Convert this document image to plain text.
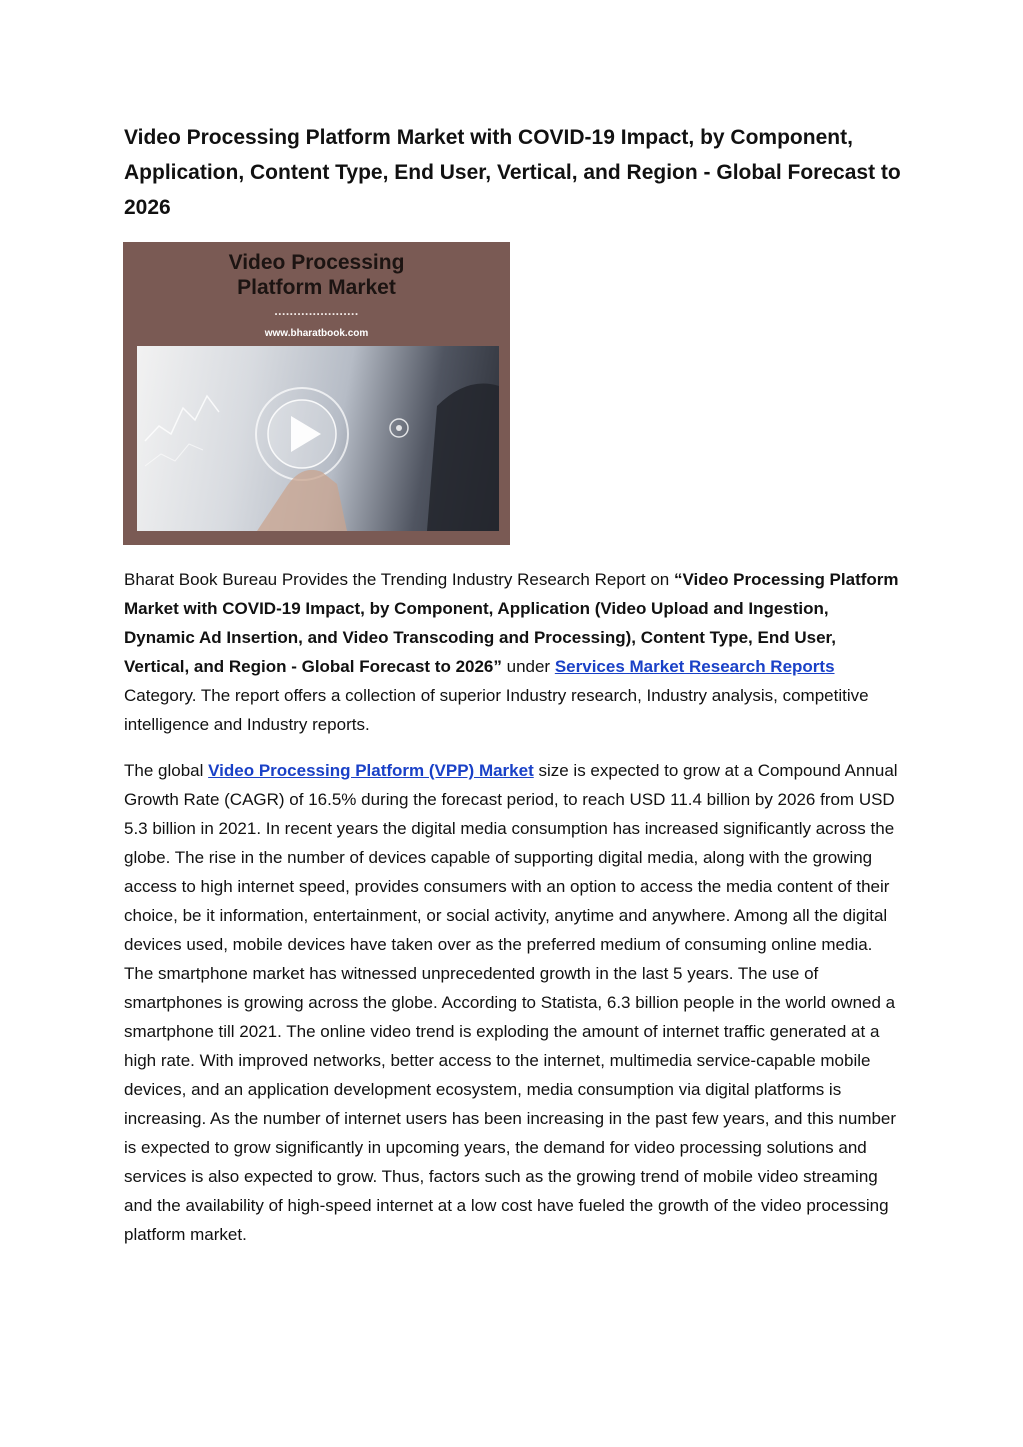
Video Processing Platform Market with COVID-19 Impact, by Component, Application, Content Type, End User, Vertical, and Region - Global Forecast to 2026
Video Processing
Platform Market
......................
www.bharatbook.com

Bharat Book Bureau Provides the Trending Industry Research Report on “Video Processing Platform Market with COVID-19 Impact, by Component, Application (Video Upload and Ingestion, Dynamic Ad Insertion, and Video Transcoding and Processing), Content Type, End User, Vertical, and Region - Global Forecast to 2026” under Services Market Research Reports Category. The report offers a collection of superior Industry research, Industry analysis, competitive intelligence and Industry reports.

The global Video Processing Platform (VPP) Market size is expected to grow at a Compound Annual Growth Rate (CAGR) of 16.5% during the forecast period, to reach USD 11.4 billion by 2026 from USD 5.3 billion in 2021. In recent years the digital media consumption has increased significantly across the globe. The rise in the number of devices capable of supporting digital media, along with the growing access to high internet speed, provides consumers with an option to access the media content of their choice, be it information, entertainment, or social activity, anytime and anywhere. Among all the digital devices used, mobile devices have taken over as the preferred medium of consuming online media. The smartphone market has witnessed unprecedented growth in the last 5 years. The use of smartphones is growing across the globe. According to Statista, 6.3 billion people in the world owned a smartphone till 2021. The online video trend is exploding the amount of internet traffic generated at a high rate. With improved networks, better access to the internet, multimedia service-capable mobile devices, and an application development ecosystem, media consumption via digital platforms is increasing. As the number of internet users has been increasing in the past few years, and this number is expected to grow significantly in upcoming years, the demand for video processing solutions and services is also expected to grow. Thus, factors such as the growing trend of mobile video streaming and the availability of high-speed internet at a low cost have fueled the growth of the video processing platform market.
